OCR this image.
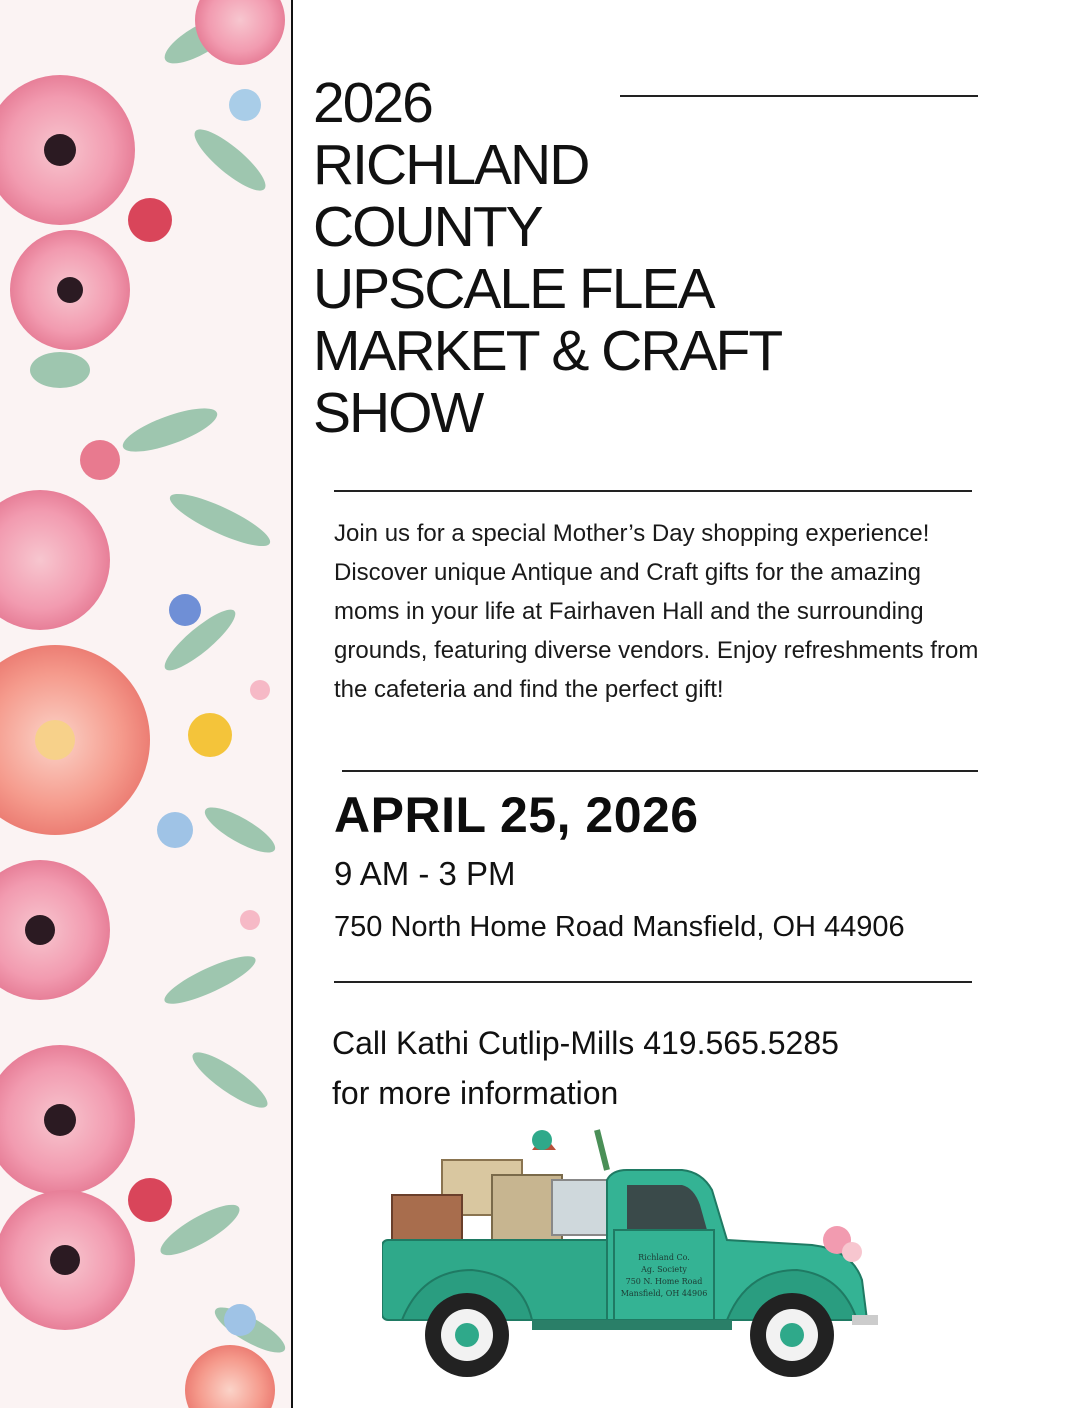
2026
RICHLAND
COUNTY
UPSCALE FLEA
MARKET & CRAFT
SHOW

Join us for a special Mother’s Day shopping experience! Discover unique Antique and Craft gifts for the amazing moms in your life at Fairhaven Hall and the surrounding grounds, featuring diverse vendors. Enjoy refreshments from the cafeteria and find the perfect gift!

APRIL 25, 2026
9 AM - 3 PM
750 North Home Road Mansfield, OH 44906
Call Kathi Cutlip-Mills 419.565.5285
for more information
Richland Co.
Ag. Society
750 N. Home Road
Mansfield, OH 44906
